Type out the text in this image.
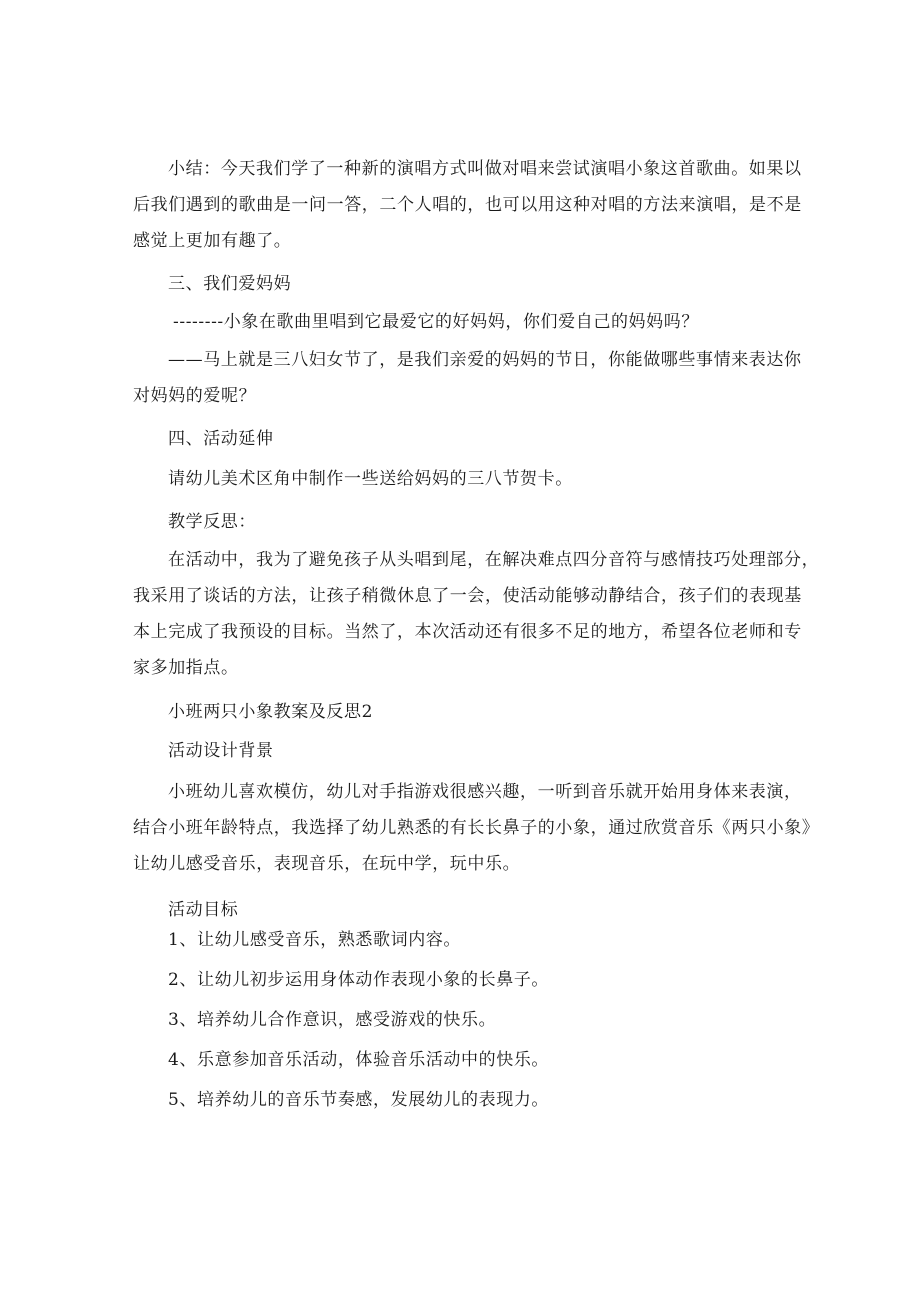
小结：今天我们学了一种新的演唱方式叫做对唱来尝试演唱小象这首歌曲。如果以
后我们遇到的歌曲是一问一答，二个人唱的，也可以用这种对唱的方法来演唱，是不是
感觉上更加有趣了。
三、我们爱妈妈
--------小象在歌曲里唱到它最爱它的好妈妈，你们爱自己的妈妈吗？
——马上就是三八妇女节了，是我们亲爱的妈妈的节日，你能做哪些事情来表达你
对妈妈的爱呢？
四、活动延伸
请幼儿美术区角中制作一些送给妈妈的三八节贺卡。
教学反思：
在活动中，我为了避免孩子从头唱到尾，在解决难点四分音符与感情技巧处理部分，
我采用了谈话的方法，让孩子稍微休息了一会，使活动能够动静结合，孩子们的表现基
本上完成了我预设的目标。当然了，本次活动还有很多不足的地方，希望各位老师和专
家多加指点。
小班两只小象教案及反思2
活动设计背景
小班幼儿喜欢模仿，幼儿对手指游戏很感兴趣，一听到音乐就开始用身体来表演，
结合小班年龄特点，我选择了幼儿熟悉的有长长鼻子的小象，通过欣赏音乐《两只小象》
让幼儿感受音乐，表现音乐，在玩中学，玩中乐。
活动目标
1、让幼儿感受音乐，熟悉歌词内容。
2、让幼儿初步运用身体动作表现小象的长鼻子。
3、培养幼儿合作意识，感受游戏的快乐。
4、乐意参加音乐活动，体验音乐活动中的快乐。
5、培养幼儿的音乐节奏感，发展幼儿的表现力。
